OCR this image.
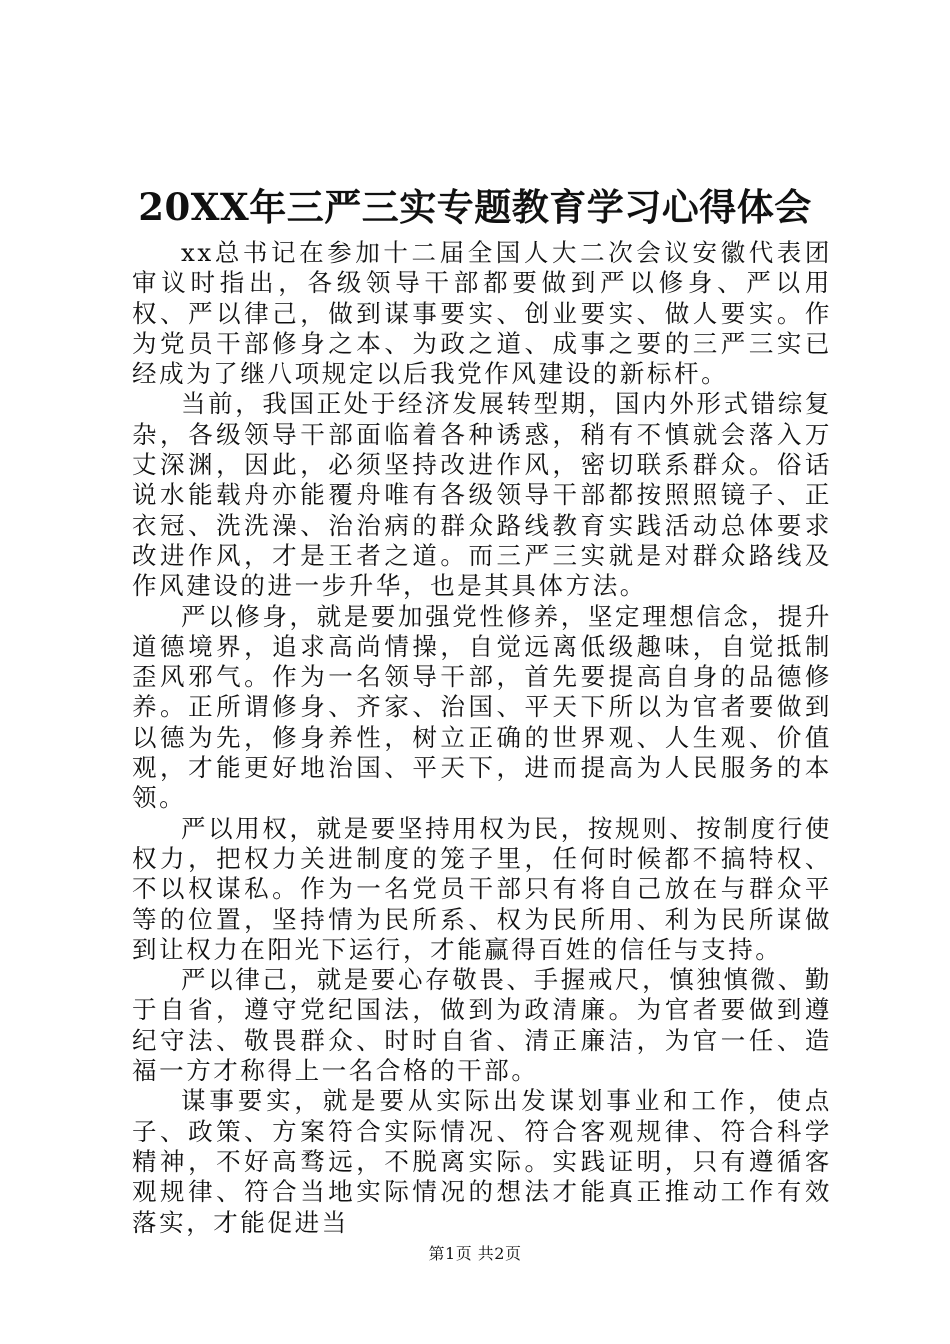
20XX年三严三实专题教育学习心得体会

xx总书记在参加十二届全国人大二次会议安徽代表团审议时指出，各级领导干部都要做到严以修身、严以用权、严以律己，做到谋事要实、创业要实、做人要实。作为党员干部修身之本、为政之道、成事之要的三严三实已经成为了继八项规定以后我党作风建设的新标杆。

当前，我国正处于经济发展转型期，国内外形式错综复杂，各级领导干部面临着各种诱惑，稍有不慎就会落入万丈深渊，因此，必须坚持改进作风，密切联系群众。俗话说水能载舟亦能覆舟唯有各级领导干部都按照照镜子、正衣冠、洗洗澡、治治病的群众路线教育实践活动总体要求改进作风，才是王者之道。而三严三实就是对群众路线及作风建设的进一步升华，也是其具体方法。

严以修身，就是要加强党性修养，坚定理想信念，提升道德境界，追求高尚情操，自觉远离低级趣味，自觉抵制歪风邪气。作为一名领导干部，首先要提高自身的品德修养。正所谓修身、齐家、治国、平天下所以为官者要做到以德为先，修身养性，树立正确的世界观、人生观、价值观，才能更好地治国、平天下，进而提高为人民服务的本领。

严以用权，就是要坚持用权为民，按规则、按制度行使权力，把权力关进制度的笼子里，任何时候都不搞特权、不以权谋私。作为一名党员干部只有将自己放在与群众平等的位置，坚持情为民所系、权为民所用、利为民所谋做到让权力在阳光下运行，才能赢得百姓的信任与支持。

严以律己，就是要心存敬畏、手握戒尺，慎独慎微、勤于自省，遵守党纪国法，做到为政清廉。为官者要做到遵纪守法、敬畏群众、时时自省、清正廉洁，为官一任、造福一方才称得上一名合格的干部。

谋事要实，就是要从实际出发谋划事业和工作，使点子、政策、方案符合实际情况、符合客观规律、符合科学精神，不好高骛远，不脱离实际。实践证明，只有遵循客观规律、符合当地实际情况的想法才能真正推动工作有效落实，才能促进当

第1页 共2页
